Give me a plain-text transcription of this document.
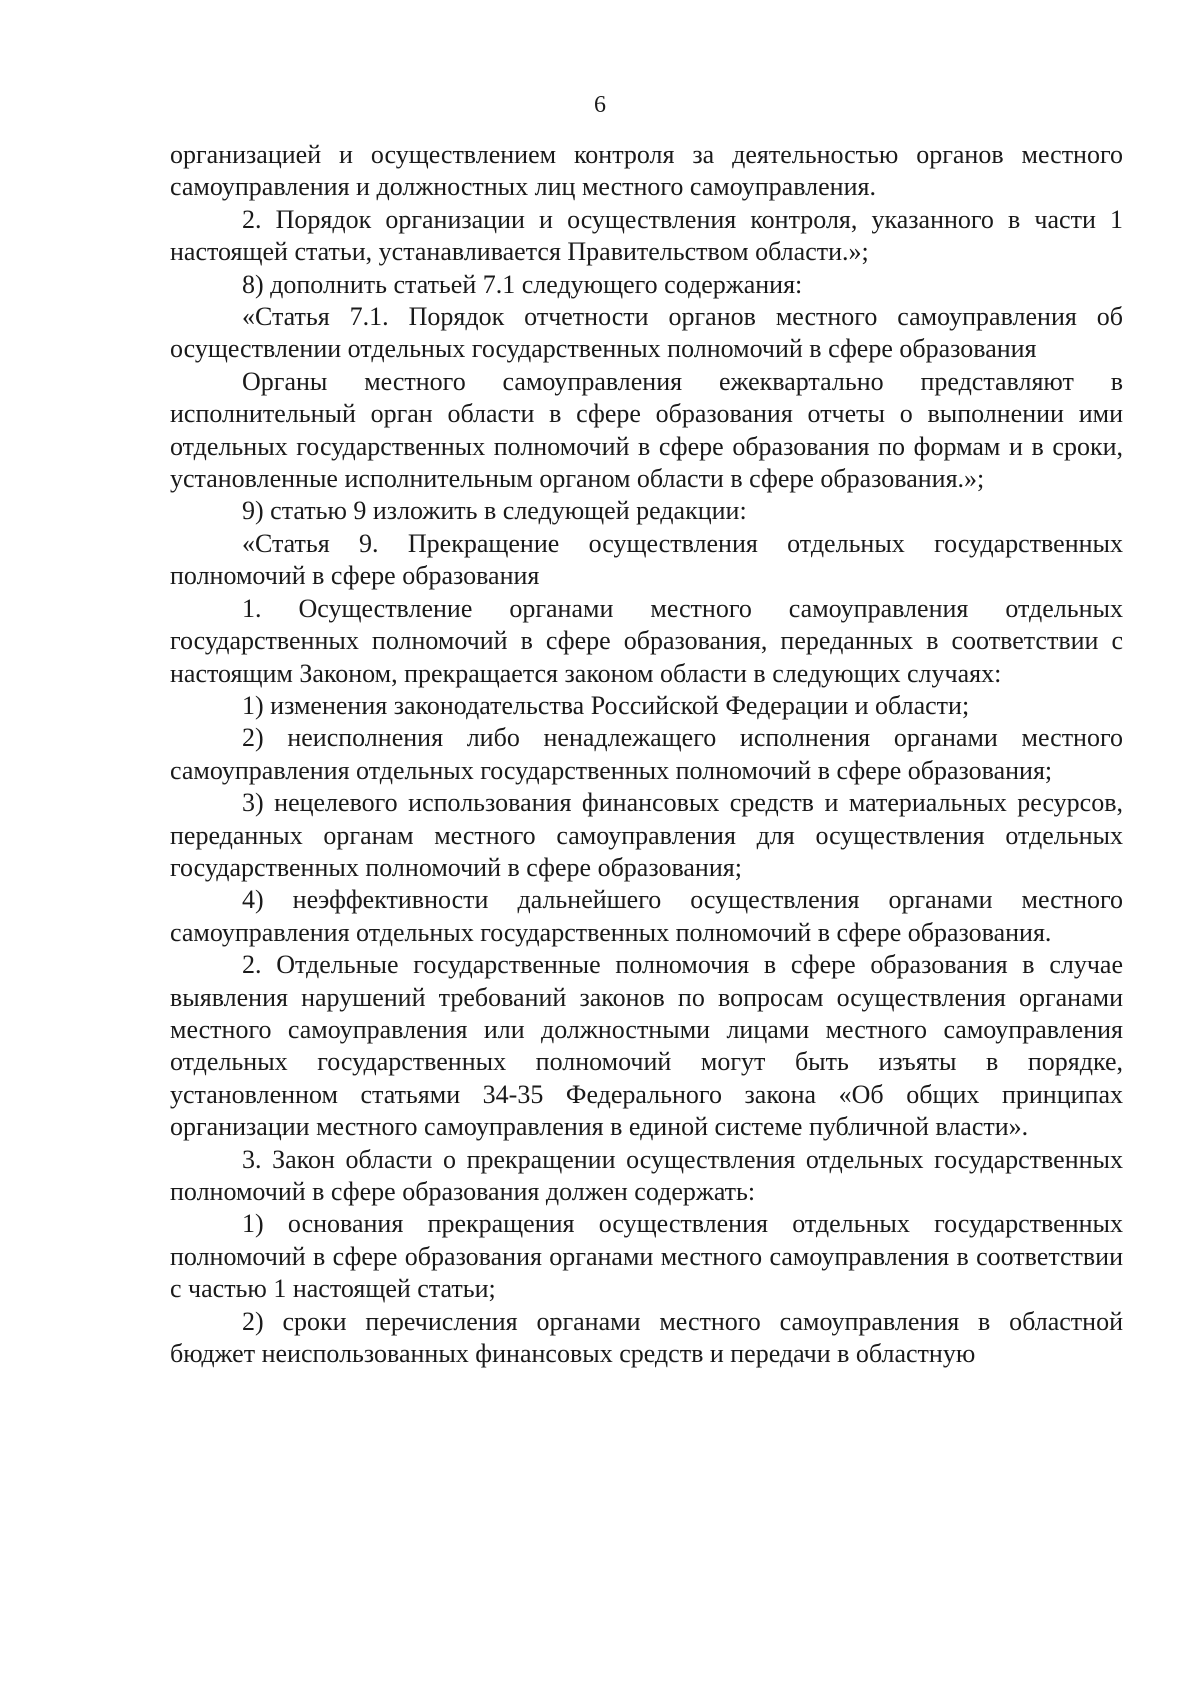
6

организацией и осуществлением контроля за деятельностью органов местного самоуправления и должностных лиц местного самоуправления.

2. Порядок организации и осуществления контроля, указанного в части 1 настоящей статьи, устанавливается Правительством области.»;

8) дополнить статьей 7.1 следующего содержания:

«Статья 7.1. Порядок отчетности органов местного самоуправления об осуществлении отдельных государственных полномочий в сфере образования

Органы местного самоуправления ежеквартально представляют в исполнительный орган области в сфере образования отчеты о выполнении ими отдельных государственных полномочий в сфере образования по формам и в сроки, установленные исполнительным органом области в сфере образования.»;

9) статью 9 изложить в следующей редакции:

«Статья 9. Прекращение осуществления отдельных государственных полномочий в сфере образования

1. Осуществление органами местного самоуправления отдельных государственных полномочий в сфере образования, переданных в соответствии с настоящим Законом, прекращается законом области в следующих случаях:

1) изменения законодательства Российской Федерации и области;

2) неисполнения либо ненадлежащего исполнения органами местного самоуправления отдельных государственных полномочий в сфере образования;

3) нецелевого использования финансовых средств и материальных ресурсов, переданных органам местного самоуправления для осуществления отдельных государственных полномочий в сфере образования;

4) неэффективности дальнейшего осуществления органами местного самоуправления отдельных государственных полномочий в сфере образования.

2. Отдельные государственные полномочия в сфере образования в случае выявления нарушений требований законов по вопросам осуществления органами местного самоуправления или должностными лицами местного самоуправления отдельных государственных полномочий могут быть изъяты в порядке, установленном статьями 34-35 Федерального закона «Об общих принципах организации местного самоуправления в единой системе публичной власти».

3. Закон области о прекращении осуществления отдельных государственных полномочий в сфере образования должен содержать:

1) основания прекращения осуществления отдельных государственных полномочий в сфере образования органами местного самоуправления в соответствии с частью 1 настоящей статьи;

2) сроки перечисления органами местного самоуправления в областной бюджет неиспользованных финансовых средств и передачи в областную
